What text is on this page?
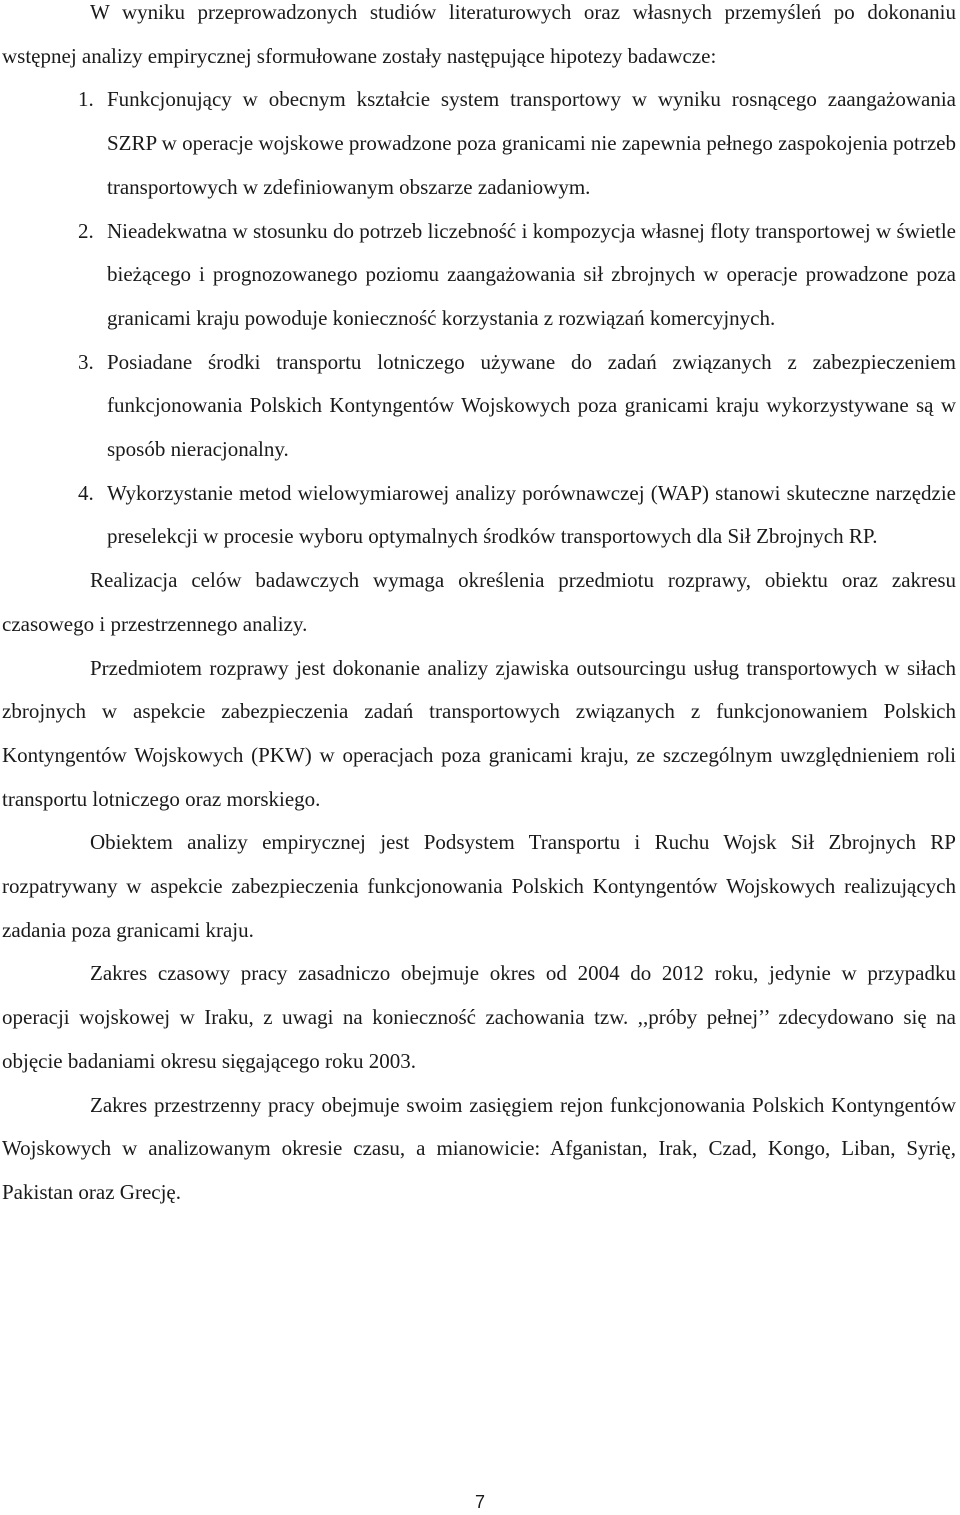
W wyniku przeprowadzonych studiów literaturowych oraz własnych przemyśleń po dokonaniu wstępnej analizy empirycznej sformułowane zostały następujące hipotezy badawcze:

1. Funkcjonujący w obecnym kształcie system transportowy w wyniku rosnącego zaangażowania SZRP w operacje wojskowe prowadzone poza granicami nie zapewnia pełnego zaspokojenia potrzeb transportowych w zdefiniowanym obszarze zadaniowym.
2. Nieadekwatna w stosunku do potrzeb liczebność i kompozycja własnej floty transportowej w świetle bieżącego i prognozowanego poziomu zaangażowania sił zbrojnych w operacje prowadzone poza granicami kraju powoduje konieczność korzystania z rozwiązań komercyjnych.
3. Posiadane środki transportu lotniczego używane do zadań związanych z zabezpieczeniem funkcjonowania Polskich Kontyngentów Wojskowych poza granicami kraju wykorzystywane są w sposób nieracjonalny.
4. Wykorzystanie metod wielowymiarowej analizy porównawczej (WAP) stanowi skuteczne narzędzie preselekcji w procesie wyboru optymalnych środków transportowych dla Sił Zbrojnych RP.

Realizacja celów badawczych wymaga określenia przedmiotu rozprawy, obiektu oraz zakresu czasowego i przestrzennego analizy.

Przedmiotem rozprawy jest dokonanie analizy zjawiska outsourcingu usług transportowych w siłach zbrojnych w aspekcie zabezpieczenia zadań transportowych związanych z funkcjonowaniem Polskich Kontyngentów Wojskowych (PKW) w operacjach poza granicami kraju, ze szczególnym uwzględnieniem roli transportu lotniczego oraz morskiego.

Obiektem analizy empirycznej jest Podsystem Transportu i Ruchu Wojsk Sił Zbrojnych RP rozpatrywany w aspekcie zabezpieczenia funkcjonowania Polskich Kontyngentów Wojskowych realizujących zadania poza granicami kraju.

Zakres czasowy pracy zasadniczo obejmuje okres od 2004 do 2012 roku, jedynie w przypadku operacji wojskowej w Iraku, z uwagi na konieczność zachowania tzw. ,,próby pełnej’’ zdecydowano się na objęcie badaniami okresu sięgającego roku 2003.

Zakres przestrzenny pracy obejmuje swoim zasięgiem rejon funkcjonowania Polskich Kontyngentów Wojskowych w analizowanym okresie czasu, a mianowicie: Afganistan, Irak, Czad, Kongo, Liban, Syrię, Pakistan oraz Grecję.

7
